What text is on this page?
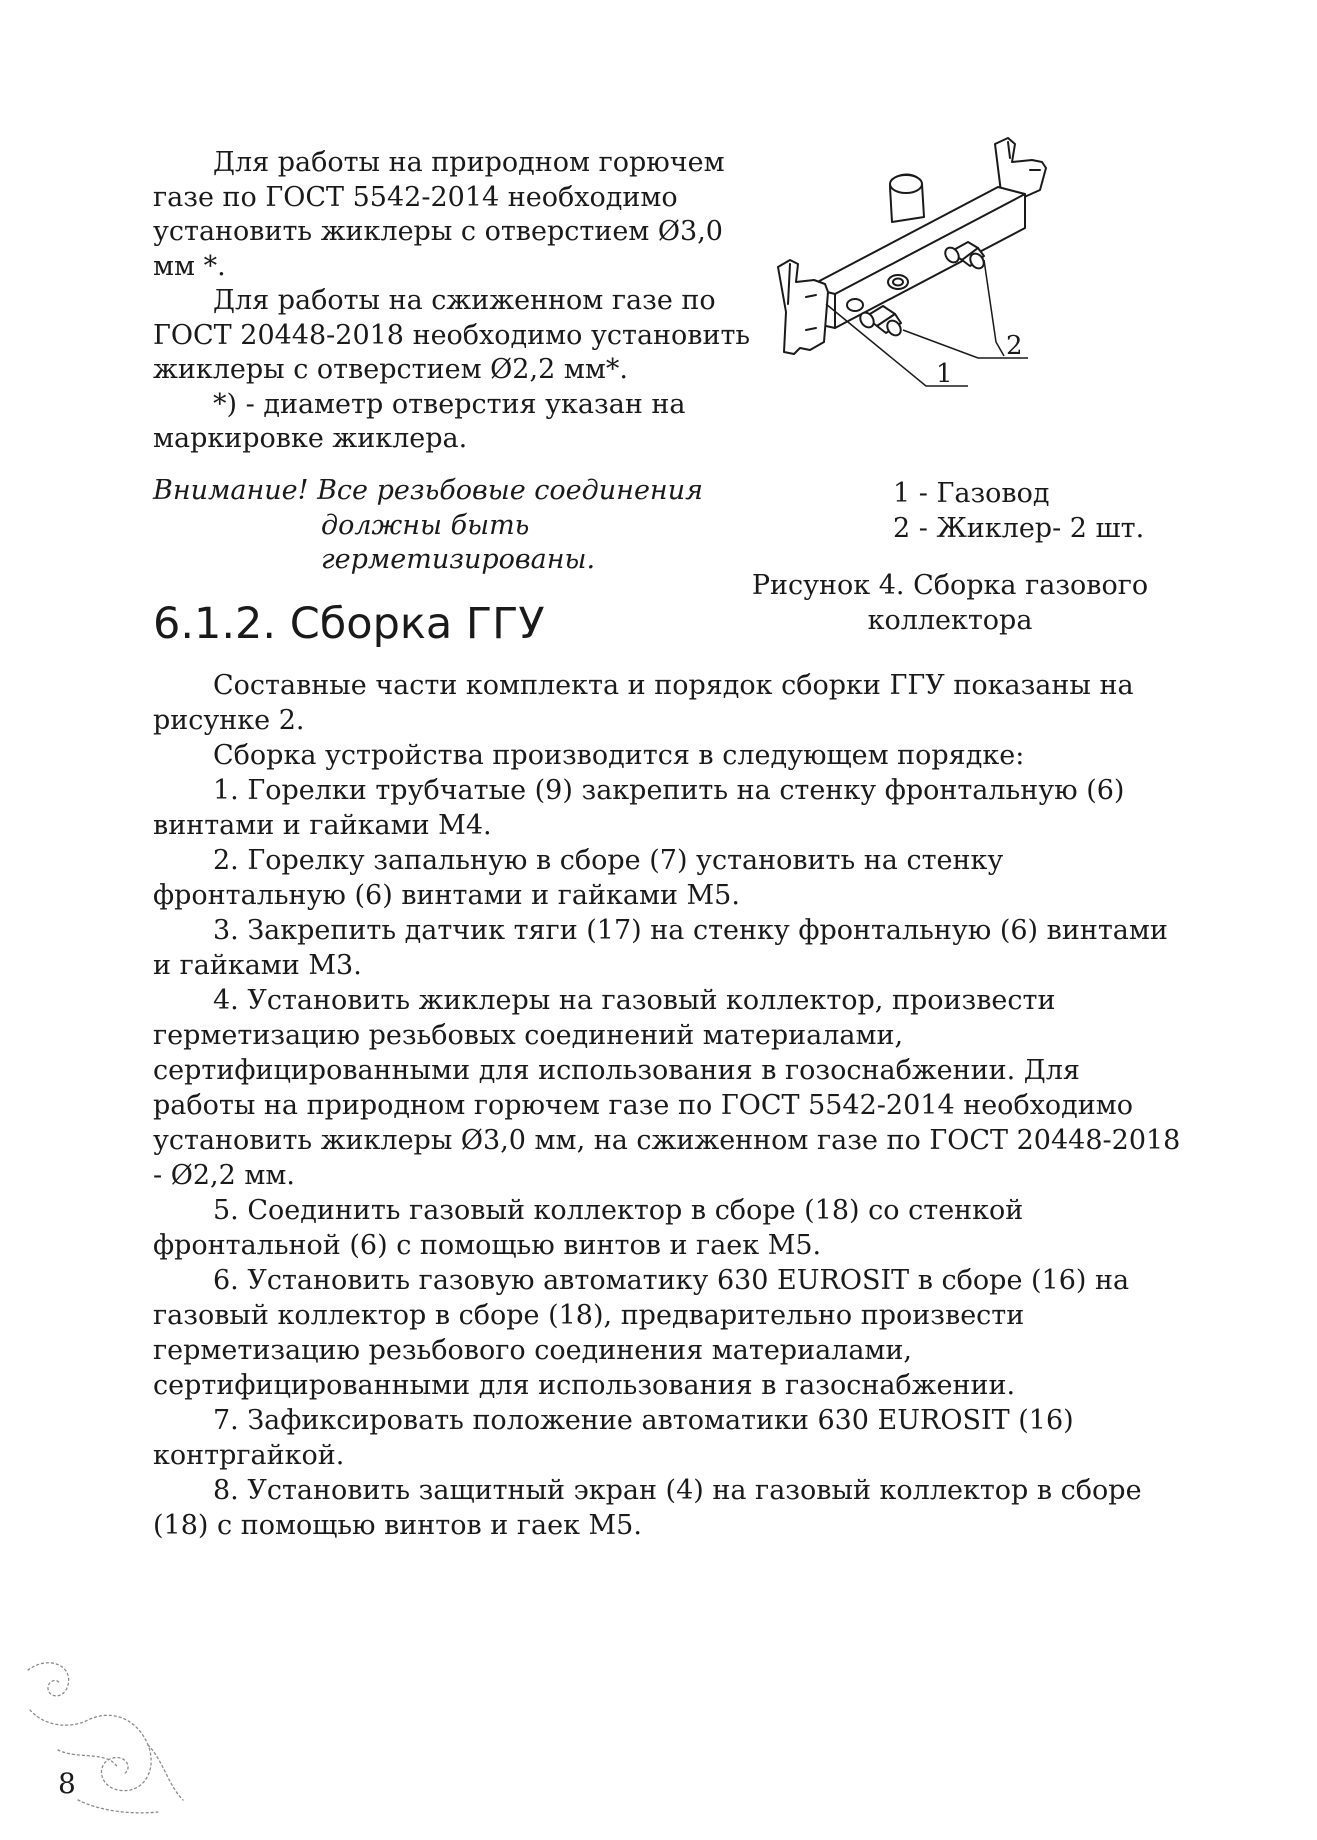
Для работы на природном горючем газе по ГОСТ 5542-2014 необходимо установить жиклеры с отверстием Ø3,0 мм *.

Для работы на сжиженном газе по ГОСТ 20448-2018 необходимо установить жиклеры с отверстием Ø2,2 мм*.

*) - диаметр отверстия указан на маркировке жиклера.

Внимание! Все резьбовые соединения
должны быть герметизированы.
1
2
1 - Газовод
2 - Жиклер- 2 шт.
Рисунок 4. Сборка газового коллектора
6.1.2. Сборка ГГУ

Составные части комплекта и порядок сборки ГГУ показаны на рисунке 2.

Сборка устройства производится в следующем порядке:

1. Горелки трубчатые (9) закрепить на стенку фронтальную (6) винтами и гайками М4.

2. Горелку запальную в сборе (7) установить на стенку фронтальную (6) винтами и гайками М5.

3. Закрепить датчик тяги (17) на стенку фронтальную (6) винтами и гайками М3.

4. Установить жиклеры на газовый коллектор, произвести герметизацию резьбовых соединений материалами, сертифицированными для использования в гозоснабжении. Для работы на природном горючем газе по ГОСТ 5542-2014 необходимо установить жиклеры Ø3,0 мм, на сжиженном газе по ГОСТ 20448-2018 - Ø2,2 мм.

5. Соединить газовый коллектор в сборе (18) со стенкой фронтальной (6) с помощью винтов и гаек М5.

6. Установить газовую автоматику 630 EUROSIT в сборе (16) на газовый коллектор в сборе (18), предварительно произвести герметизацию резьбового соединения материалами, сертифицированными для использования в газоснабжении.

7. Зафиксировать положение автоматики 630 EUROSIT (16) контргайкой.

8. Установить защитный экран (4) на газовый коллектор в сборе (18) с помощью винтов и гаек М5.

8
